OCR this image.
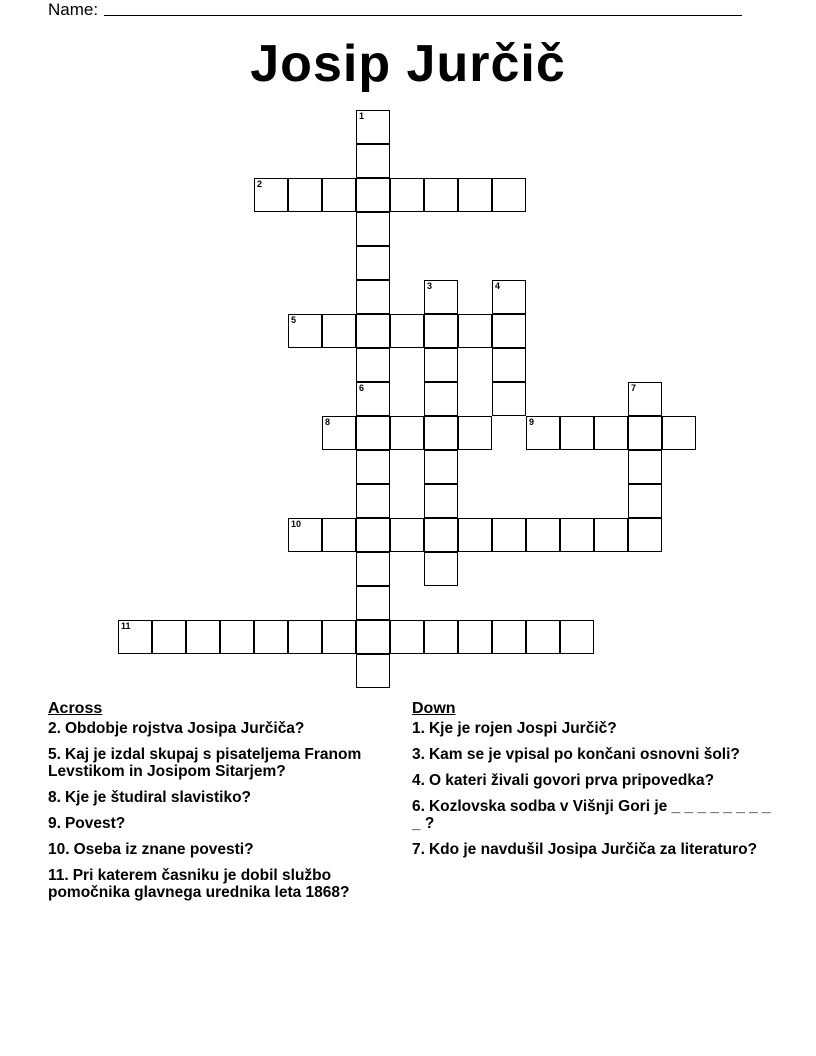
Name:
Josip Jurčič
1
6
2
3	4
5
7
8	9
10
11
Across
2. Obdobje rojstva Josipa Jurčiča?
5. Kaj je izdal skupaj s pisateljema Franom Levstikom in Josipom Sitarjem?
8. Kje je študiral slavistiko?
9. Povest?
10. Oseba iz znane povesti?
11. Pri katerem časniku je dobil službo pomočnika glavnega urednika leta 1868?
Down
1. Kje je rojen Jospi Jurčič?
3. Kam se je vpisal po končani osnovni šoli?
4. O kateri živali govori prva pripovedka?
6. Kozlovska sodba v Višnji Gori je _ _ _ _ _ _ _ _ _ ?
7. Kdo je navdušil Josipa Jurčiča za literaturo?
